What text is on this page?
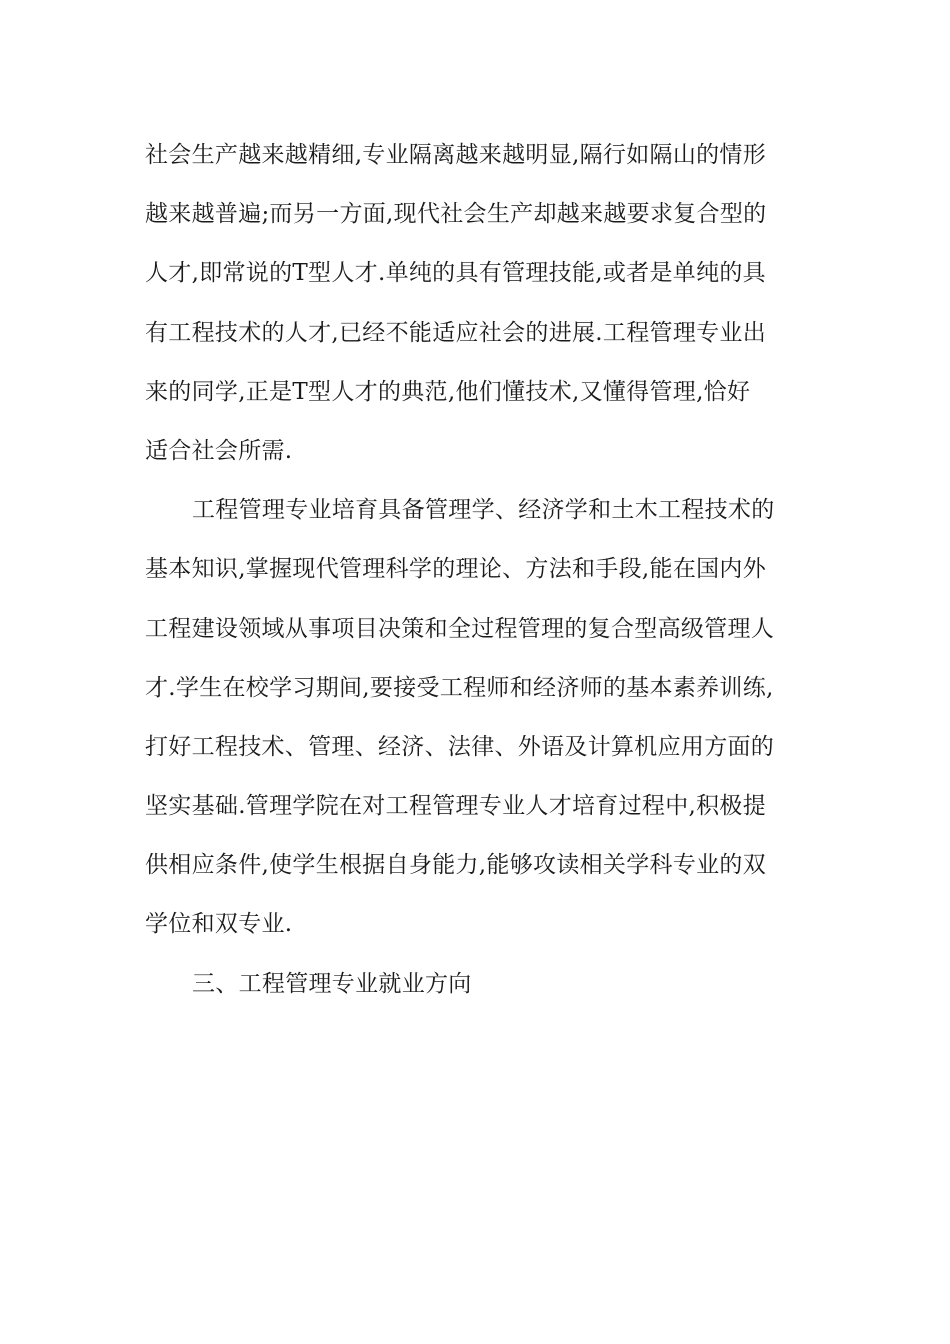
社会生产越来越精细,专业隔离越来越明显,隔行如隔山的情形
越来越普遍;而另一方面,现代社会生产却越来越要求复合型的
人才,即常说的T型人才.单纯的具有管理技能,或者是单纯的具
有工程技术的人才,已经不能适应社会的进展.工程管理专业出
来的同学,正是T型人才的典范,他们懂技术,又懂得管理,恰好
适合社会所需.
工程管理专业培育具备管理学、经济学和土木工程技术的
基本知识,掌握现代管理科学的理论、方法和手段,能在国内外
工程建设领域从事项目决策和全过程管理的复合型高级管理人
才.学生在校学习期间,要接受工程师和经济师的基本素养训练,
打好工程技术、管理、经济、法律、外语及计算机应用方面的
坚实基础.管理学院在对工程管理专业人才培育过程中,积极提
供相应条件,使学生根据自身能力,能够攻读相关学科专业的双
学位和双专业.
三、工程管理专业就业方向
